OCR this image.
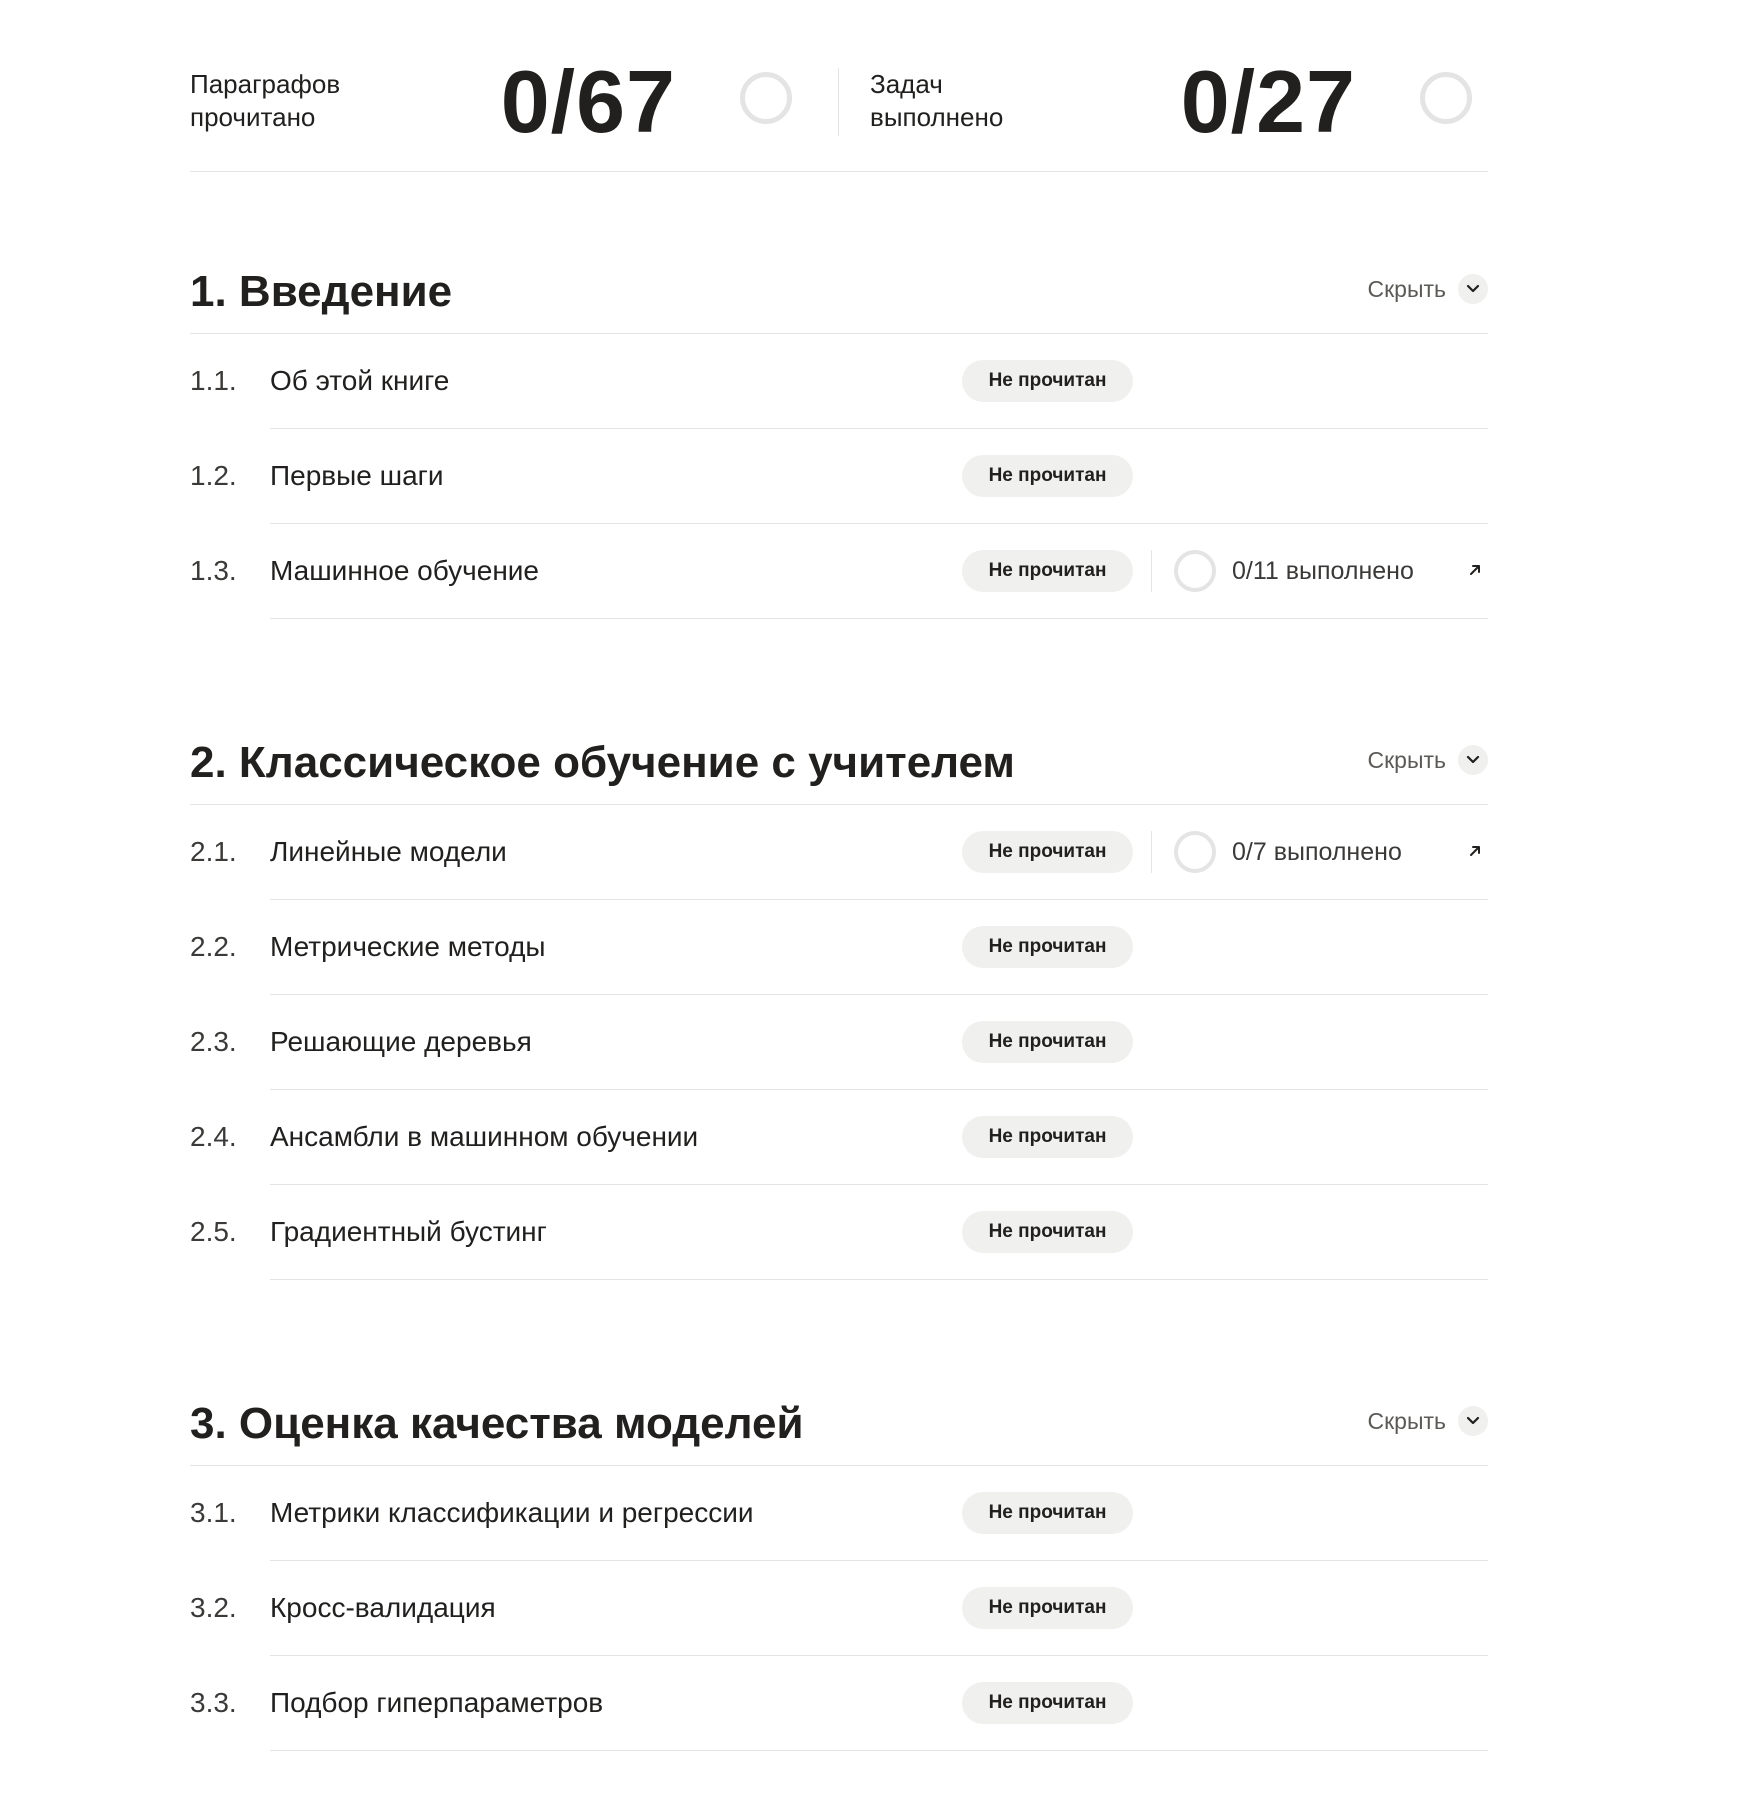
Параграфов
прочитано 0/67	Задач
выполнено 0/27
1. Введение	Скрыть
1.1. Об этой книге	Не прочитан
1.2. Первые шаги	Не прочитан
1.3. Машинное обучение	Не прочитан	0/11 выполнено
2. Классическое обучение с учителем	Скрыть
2.1. Линейные модели	Не прочитан	0/7 выполнено
2.2. Метрические методы	Не прочитан
2.3. Решающие деревья	Не прочитан
2.4. Ансамбли в машинном обучении	Не прочитан
2.5. Градиентный бустинг	Не прочитан
3. Оценка качества моделей	Скрыть
3.1. Метрики классификации и регрессии	Не прочитан
3.2. Кросс-валидация	Не прочитан
3.3. Подбор гиперпараметров	Не прочитан
